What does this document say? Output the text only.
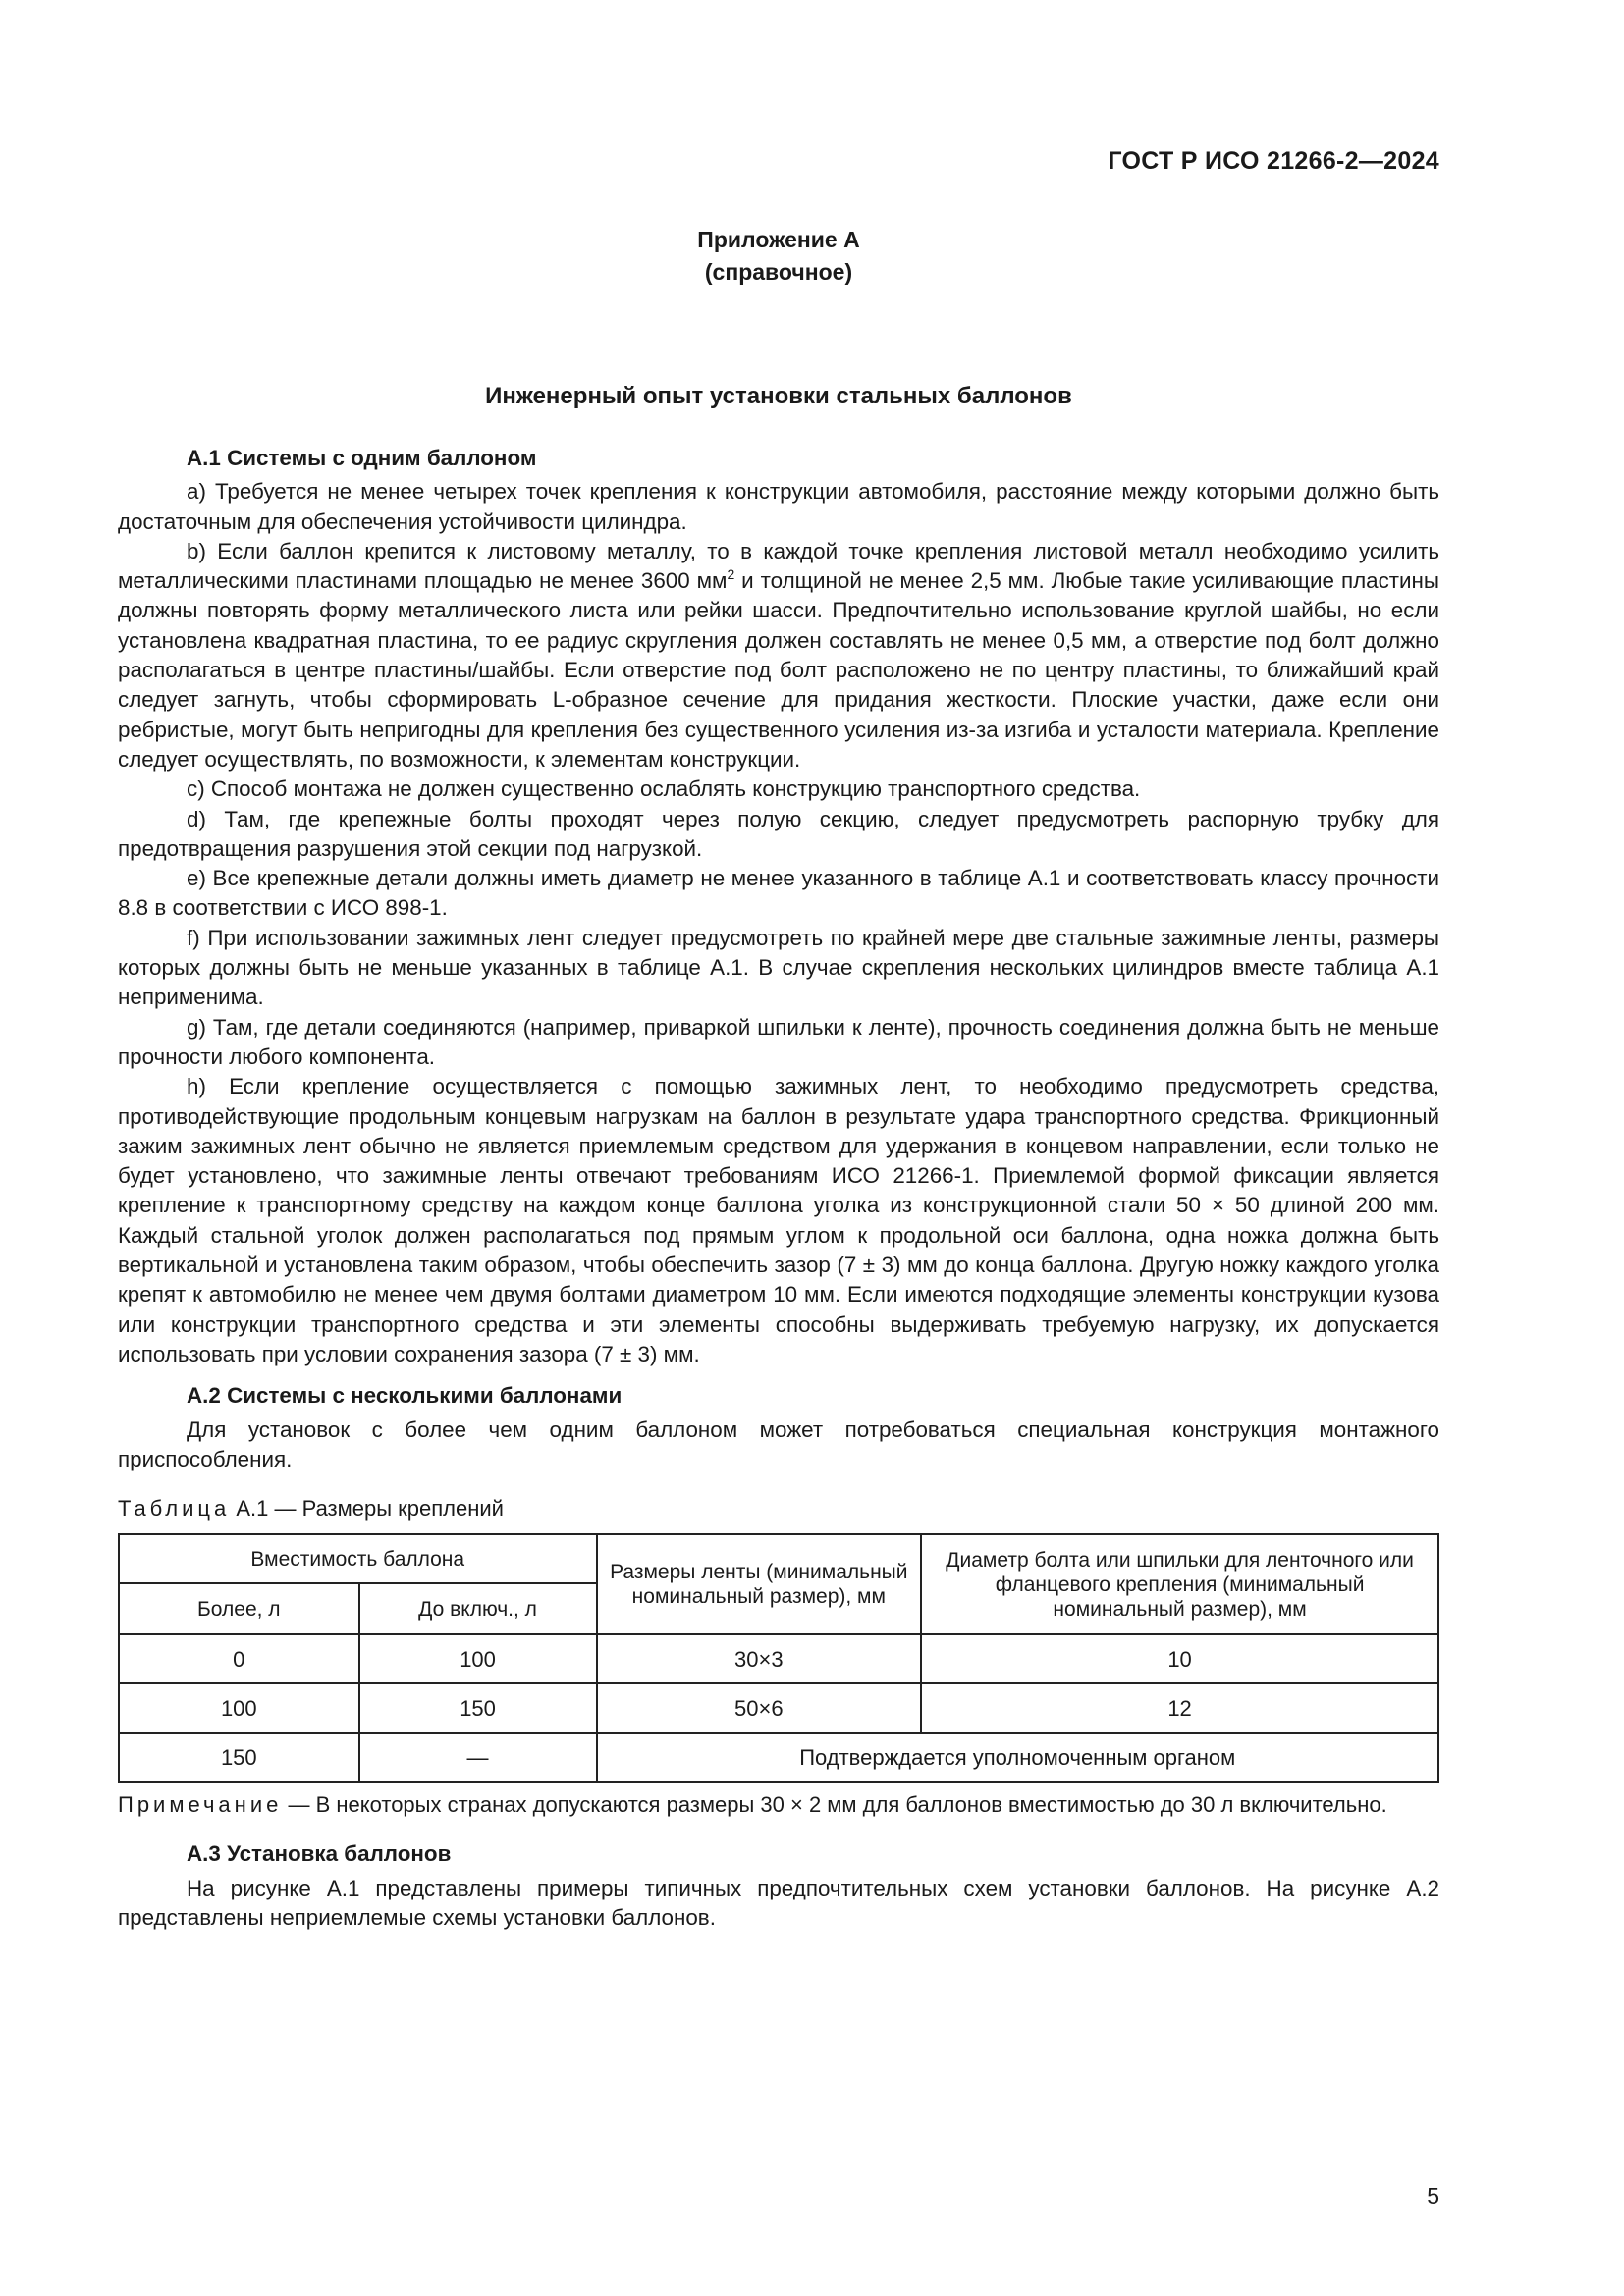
ГОСТ Р ИСО 21266-2—2024
Приложение А
(справочное)
Инженерный опыт установки стальных баллонов
А.1 Системы с одним баллоном

a) Требуется не менее четырех точек крепления к конструкции автомобиля, расстояние между которыми должно быть достаточным для обеспечения устойчивости цилиндра.

b) Если баллон крепится к листовому металлу, то в каждой точке крепления листовой металл необходимо усилить металлическими пластинами площадью не менее 3600 $мм^2$ и толщиной не менее 2,5 мм. Любые такие усиливающие пластины должны повторять форму металлического листа или рейки шасси. Предпочтительно использование круглой шайбы, но если установлена квадратная пластина, то ее радиус скругления должен составлять не менее 0,5 мм, а отверстие под болт должно располагаться в центре пластины/шайбы. Если отверстие под болт расположено не по центру пластины, то ближайший край следует загнуть, чтобы сформировать L-образное сечение для придания жесткости. Плоские участки, даже если они ребристые, могут быть непригодны для крепления без существенного усиления из-за изгиба и усталости материала. Крепление следует осуществлять, по возможности, к элементам конструкции.

c) Способ монтажа не должен существенно ослаблять конструкцию транспортного средства.

d) Там, где крепежные болты проходят через полую секцию, следует предусмотреть распорную трубку для предотвращения разрушения этой секции под нагрузкой.

e) Все крепежные детали должны иметь диаметр не менее указанного в таблице А.1 и соответствовать классу прочности 8.8 в соответствии с ИСО 898-1.

f) При использовании зажимных лент следует предусмотреть по крайней мере две стальные зажимные ленты, размеры которых должны быть не меньше указанных в таблице А.1. В случае скрепления нескольких цилиндров вместе таблица А.1 неприменима.

g) Там, где детали соединяются (например, приваркой шпильки к ленте), прочность соединения должна быть не меньше прочности любого компонента.

h) Если крепление осуществляется с помощью зажимных лент, то необходимо предусмотреть средства, противодействующие продольным концевым нагрузкам на баллон в результате удара транспортного средства. Фрикционный зажим зажимных лент обычно не является приемлемым средством для удержания в концевом направлении, если только не будет установлено, что зажимные ленты отвечают требованиям ИСО 21266-1. Приемлемой формой фиксации является крепление к транспортному средству на каждом конце баллона уголка из конструкционной стали 50 × 50 длиной 200 мм. Каждый стальной уголок должен располагаться под прямым углом к продольной оси баллона, одна ножка должна быть вертикальной и установлена таким образом, чтобы обеспечить зазор (7 ± 3) мм до конца баллона. Другую ножку каждого уголка крепят к автомобилю не менее чем двумя болтами диаметром 10 мм. Если имеются подходящие элементы конструкции кузова или конструкции транспортного средства и эти элементы способны выдерживать требуемую нагрузку, их допускается использовать при условии сохранения зазора (7 ± 3) мм.

А.2 Системы с несколькими баллонами

Для установок с более чем одним баллоном может потребоваться специальная конструкция монтажного приспособления.

Таблица А.1 — Размеры креплений
Вместимость баллона		Размеры ленты (минимальный номинальный размер), мм	Диаметр болта или шпильки для ленточного или фланцевого крепления (минимальный номинальный размер), мм
Более, л	До включ., л		
0	100	30×3	10
100	150	50×6	12
150	—	Подтверждается уполномоченным органом	
Примечание — В некоторых странах допускаются размеры 30 × 2 мм для баллонов вместимостью до 30 л включительно.
А.3 Установка баллонов

На рисунке А.1 представлены примеры типичных предпочтительных схем установки баллонов. На рисунке А.2 представлены неприемлемые схемы установки баллонов.

5
